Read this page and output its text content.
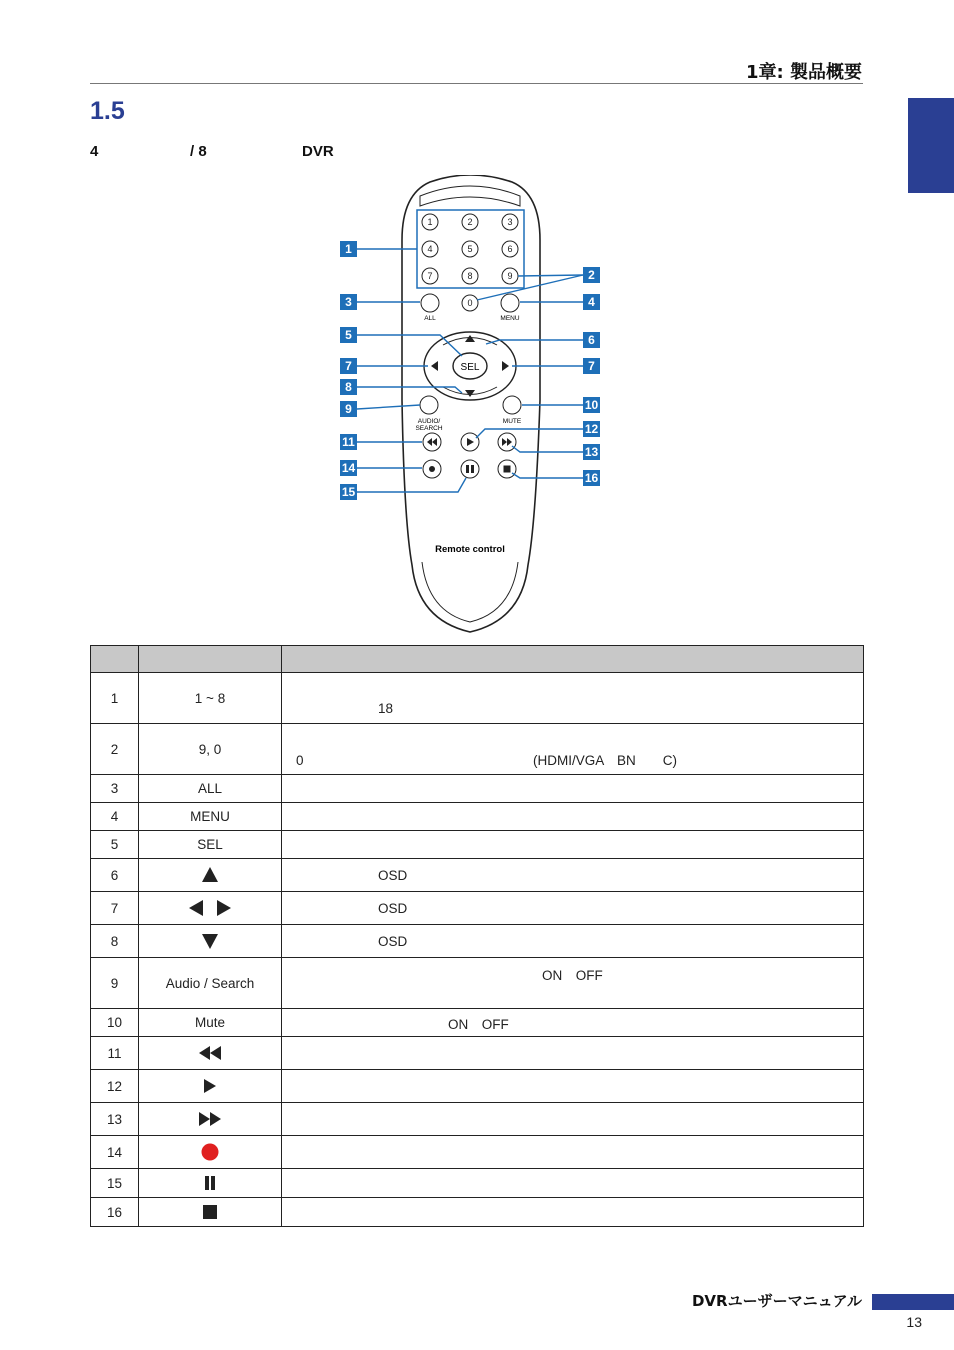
1章: 製品概要
1.5
4	/ 8	DVR
1	2	3
4	5	6
7	8	9
0
ALL	MENU
SEL
AUDIO/
SEARCH
MUTE
Remote control
1
3
5
7
8
9
11
14
15
2
4
6
7
10
12
13
16

1	1 ~ 8	18

2	9, 0	0　　　　　　　　　　　　　　　　　(HDMI/VGA　BN　　C)

3	ALL	
4	MENU	
5	SEL	
6		OSD
7		OSD
8		OSD
9	Audio / Search	ON　OFF
10	Mute	ON　OFF
11		
12		
13		
14		
15		
16		
DVRユーザーマニュアル
13
